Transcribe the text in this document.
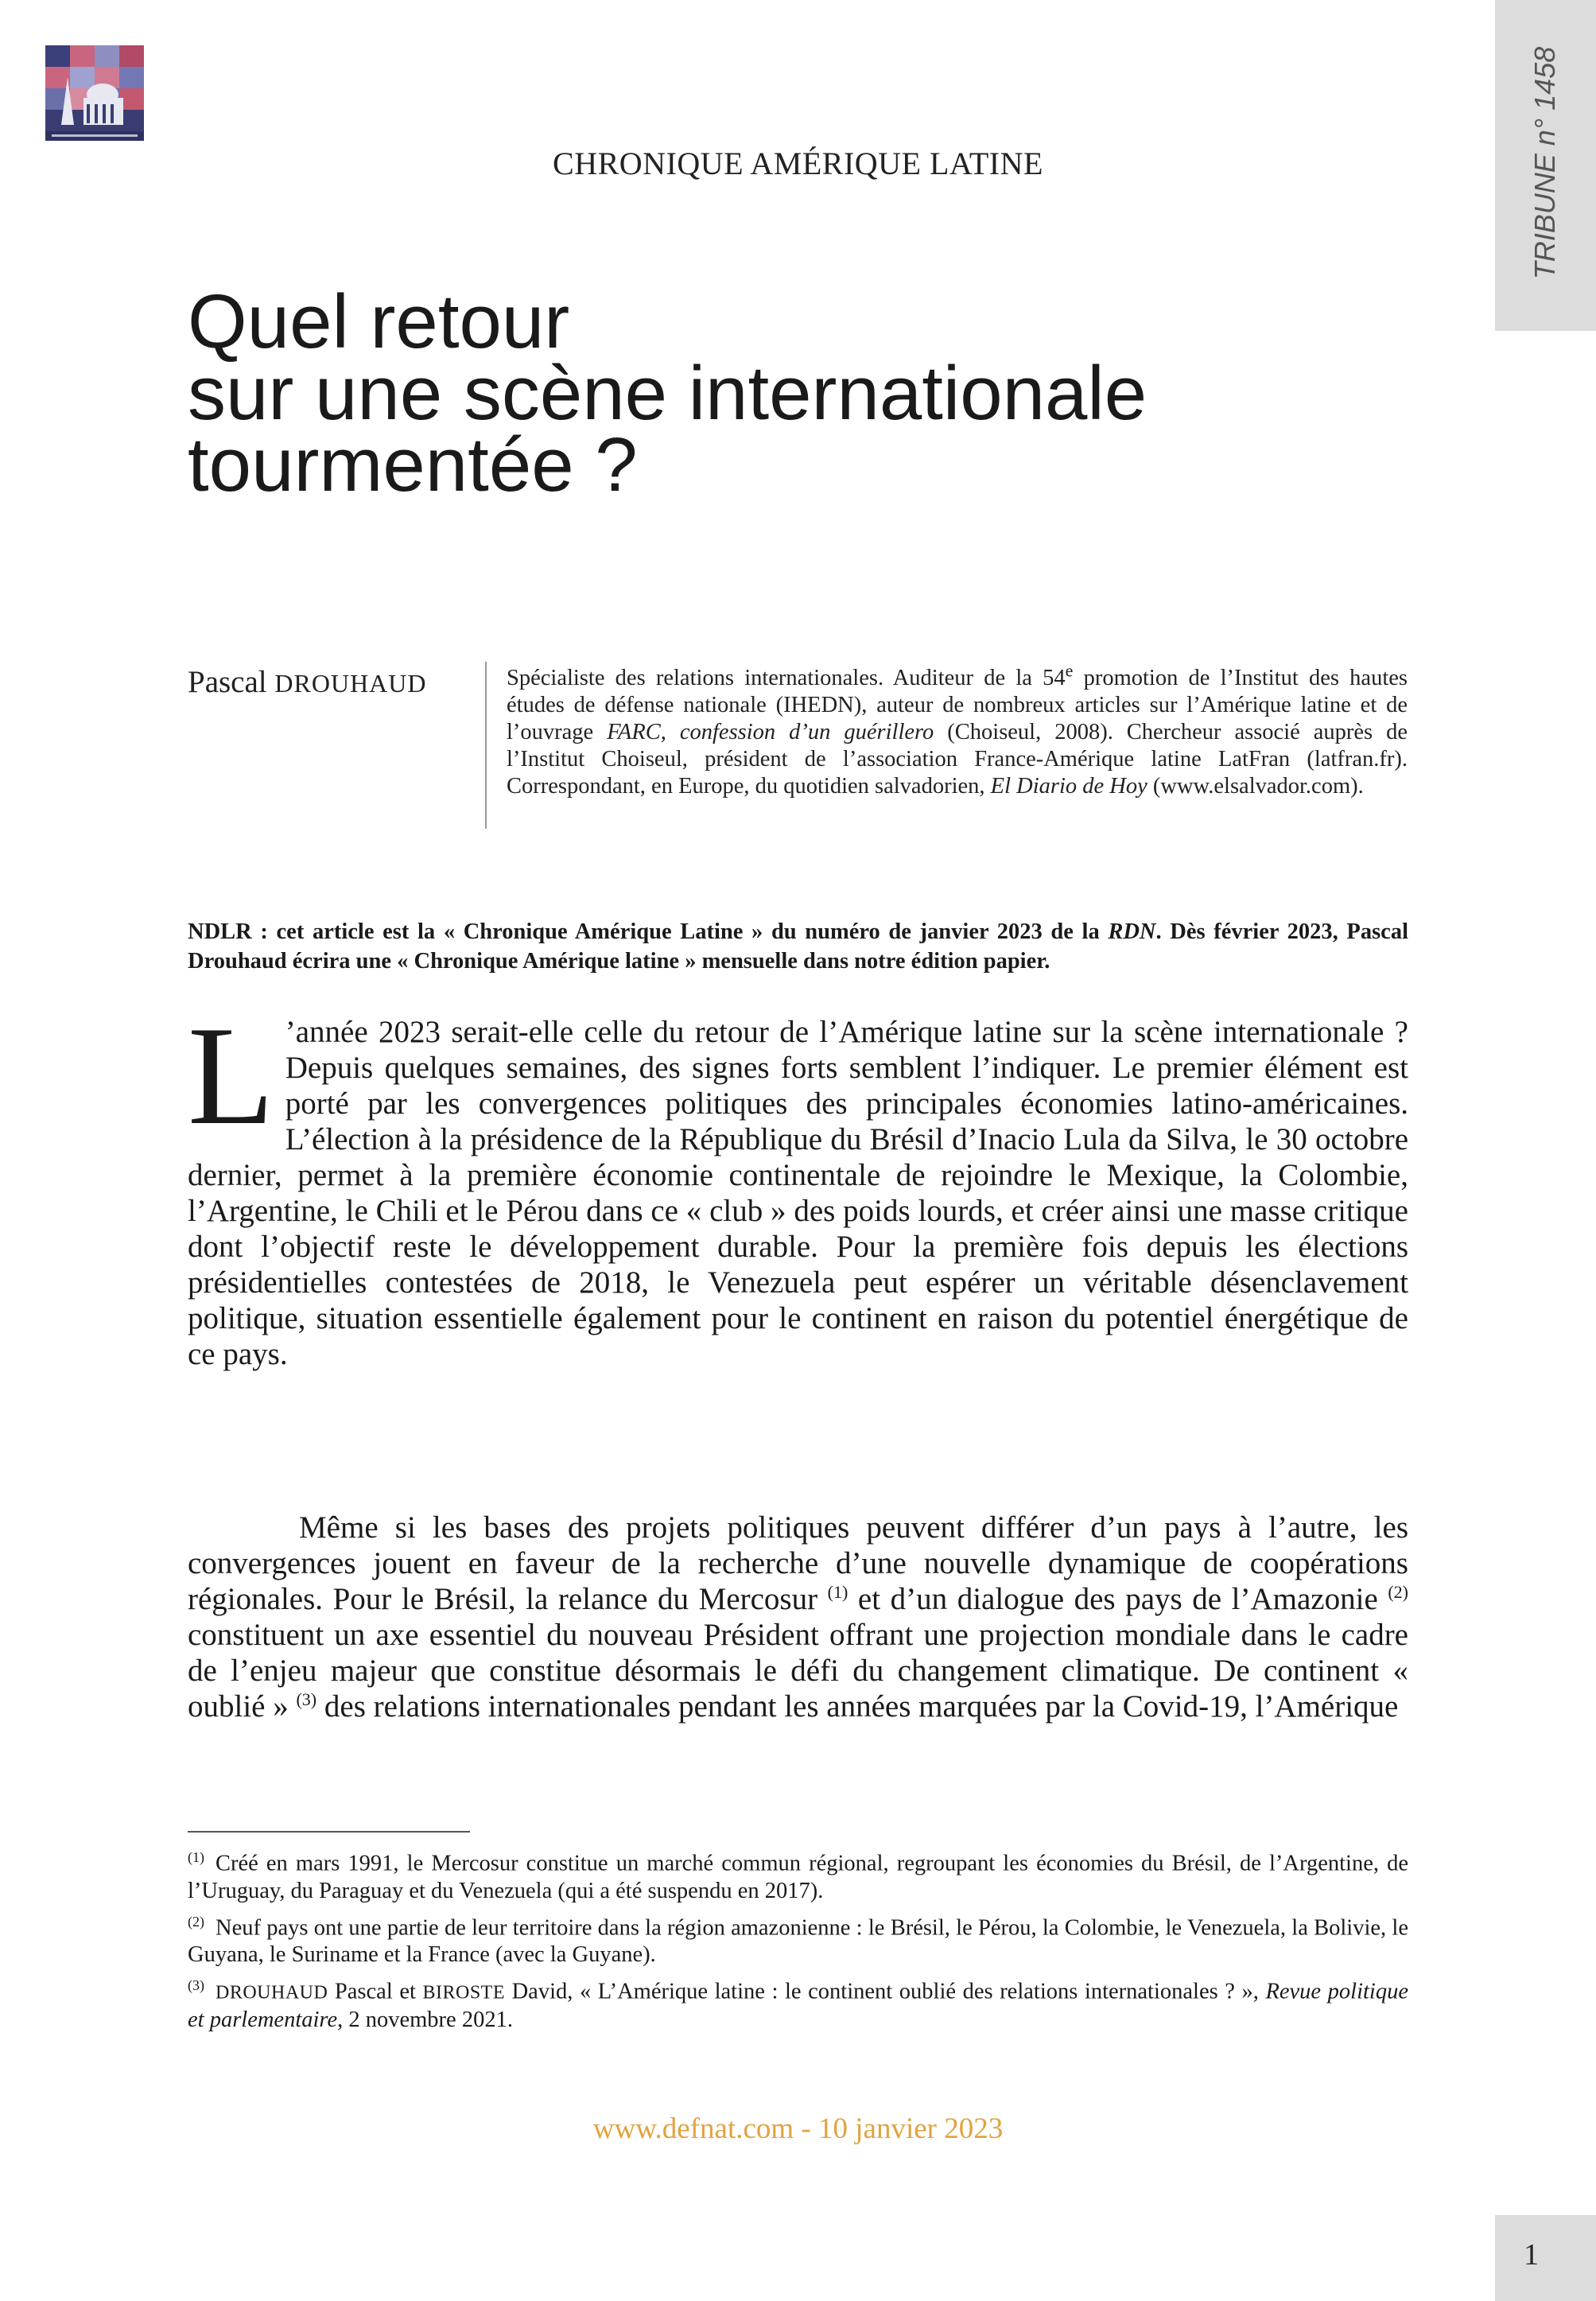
TRIBUNE n° 1458
CHRONIQUE AMÉRIQUE LATINE
Quel retour
sur une scène internationale
tourmentée ?
Pascal DROUHAUD	Spécialiste des relations internationales. Auditeur de la 54e promotion de l’Institut des hautes études de défense nationale (IHEDN), auteur de nombreux articles sur l’Amérique latine et de l’ouvrage FARC, confession d’un guérillero (Choiseul, 2008). Chercheur associé auprès de l’Institut Choiseul, président de l’association France-Amérique latine LatFran (latfran.fr). Correspondant, en Europe, du quotidien salvadorien, El Diario de Hoy (www.elsalvador.com).
NDLR : cet article est la « Chronique Amérique Latine » du numéro de janvier 2023 de la RDN. Dès février 2023, Pascal Drouhaud écrira une « Chronique Amérique latine » mensuelle dans notre édition papier.
L ’année 2023 serait-elle celle du retour de l’Amérique latine sur la scène internationale ? Depuis quelques semaines, des signes forts semblent l’indiquer. Le premier élément est porté par les convergences politiques des principales économies latino-américaines. L’élection à la présidence de la République du Brésil d’Inacio Lula da Silva, le 30 octobre dernier, permet à la première économie continentale de rejoindre le Mexique, la Colombie, l’Argentine, le Chili et le Pérou dans ce « club » des poids lourds, et créer ainsi une masse critique dont l’objectif reste le développement durable. Pour la première fois depuis les élections présidentielles contestées de 2018, le Venezuela peut espérer un véritable désenclavement politique, situation essentielle également pour le continent en raison du potentiel énergétique de ce pays.
Même si les bases des projets politiques peuvent différer d’un pays à l’autre, les convergences jouent en faveur de la recherche d’une nouvelle dynamique de coopérations régionales. Pour le Brésil, la relance du Mercosur $^{(1)}$ et d’un dialogue des pays de l’Amazonie $^{(2)}$ constituent un axe essentiel du nouveau Président offrant une projection mondiale dans le cadre de l’enjeu majeur que constitue désormais le défi du changement climatique. De continent « oublié » $^{(3)}$ des relations internationales pendant les années marquées par la Covid-19, l’Amérique
$^{(1)}$ Créé en mars 1991, le Mercosur constitue un marché commun régional, regroupant les économies du Brésil, de l’Argentine, de l’Uruguay, du Paraguay et du Venezuela (qui a été suspendu en 2017).
$^{(2)}$ Neuf pays ont une partie de leur territoire dans la région amazonienne : le Brésil, le Pérou, la Colombie, le Venezuela, la Bolivie, le Guyana, le Suriname et la France (avec la Guyane).
$^{(3)}$ DROUHAUD Pascal et BIROSTE David, « L’Amérique latine : le continent oublié des relations internationales ? », Revue politique et parlementaire, 2 novembre 2021.
www.defnat.com - 10 janvier 2023
1
